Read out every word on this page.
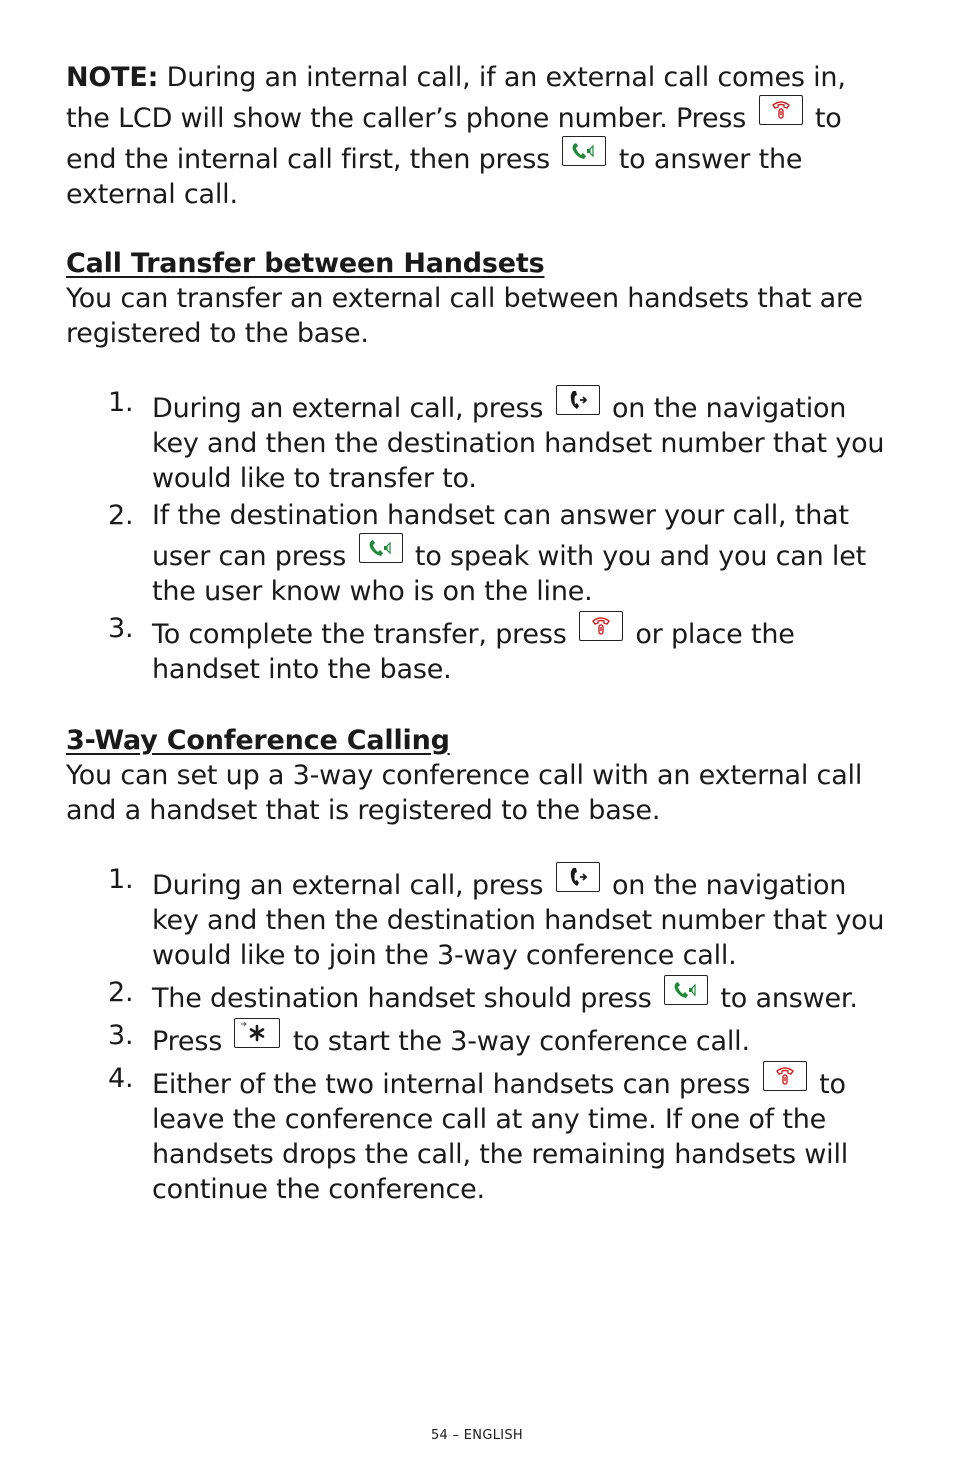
NOTE: During an internal call, if an external call comes in, the LCD will show the caller’s phone number. Press
to end the internal call first, then press
to answer the external call.

Call Transfer between Handsets

You can transfer an external call between handsets that are registered to the base.

1. During an external call, press
on the navigation key and then the destination handset number that you would like to transfer to.
2. If the destination handset can answer your call, that user can press
to speak with you and you can let the user know who is on the line.
3. To complete the transfer, press
or place the handset into the base.

3-Way Conference Calling

You can set up a 3-way conference call with an external call and a handset that is registered to the base.

1. During an external call, press
on the navigation key and then the destination handset number that you would like to join the 3-way conference call.
2. The destination handset should press
to answer.
3. Press
to start the 3-way conference call.
4. Either of the two internal handsets can press
to leave the conference call at any time. If one of the handsets drops the call, the remaining handsets will continue the conference.
54 – ENGLISH
